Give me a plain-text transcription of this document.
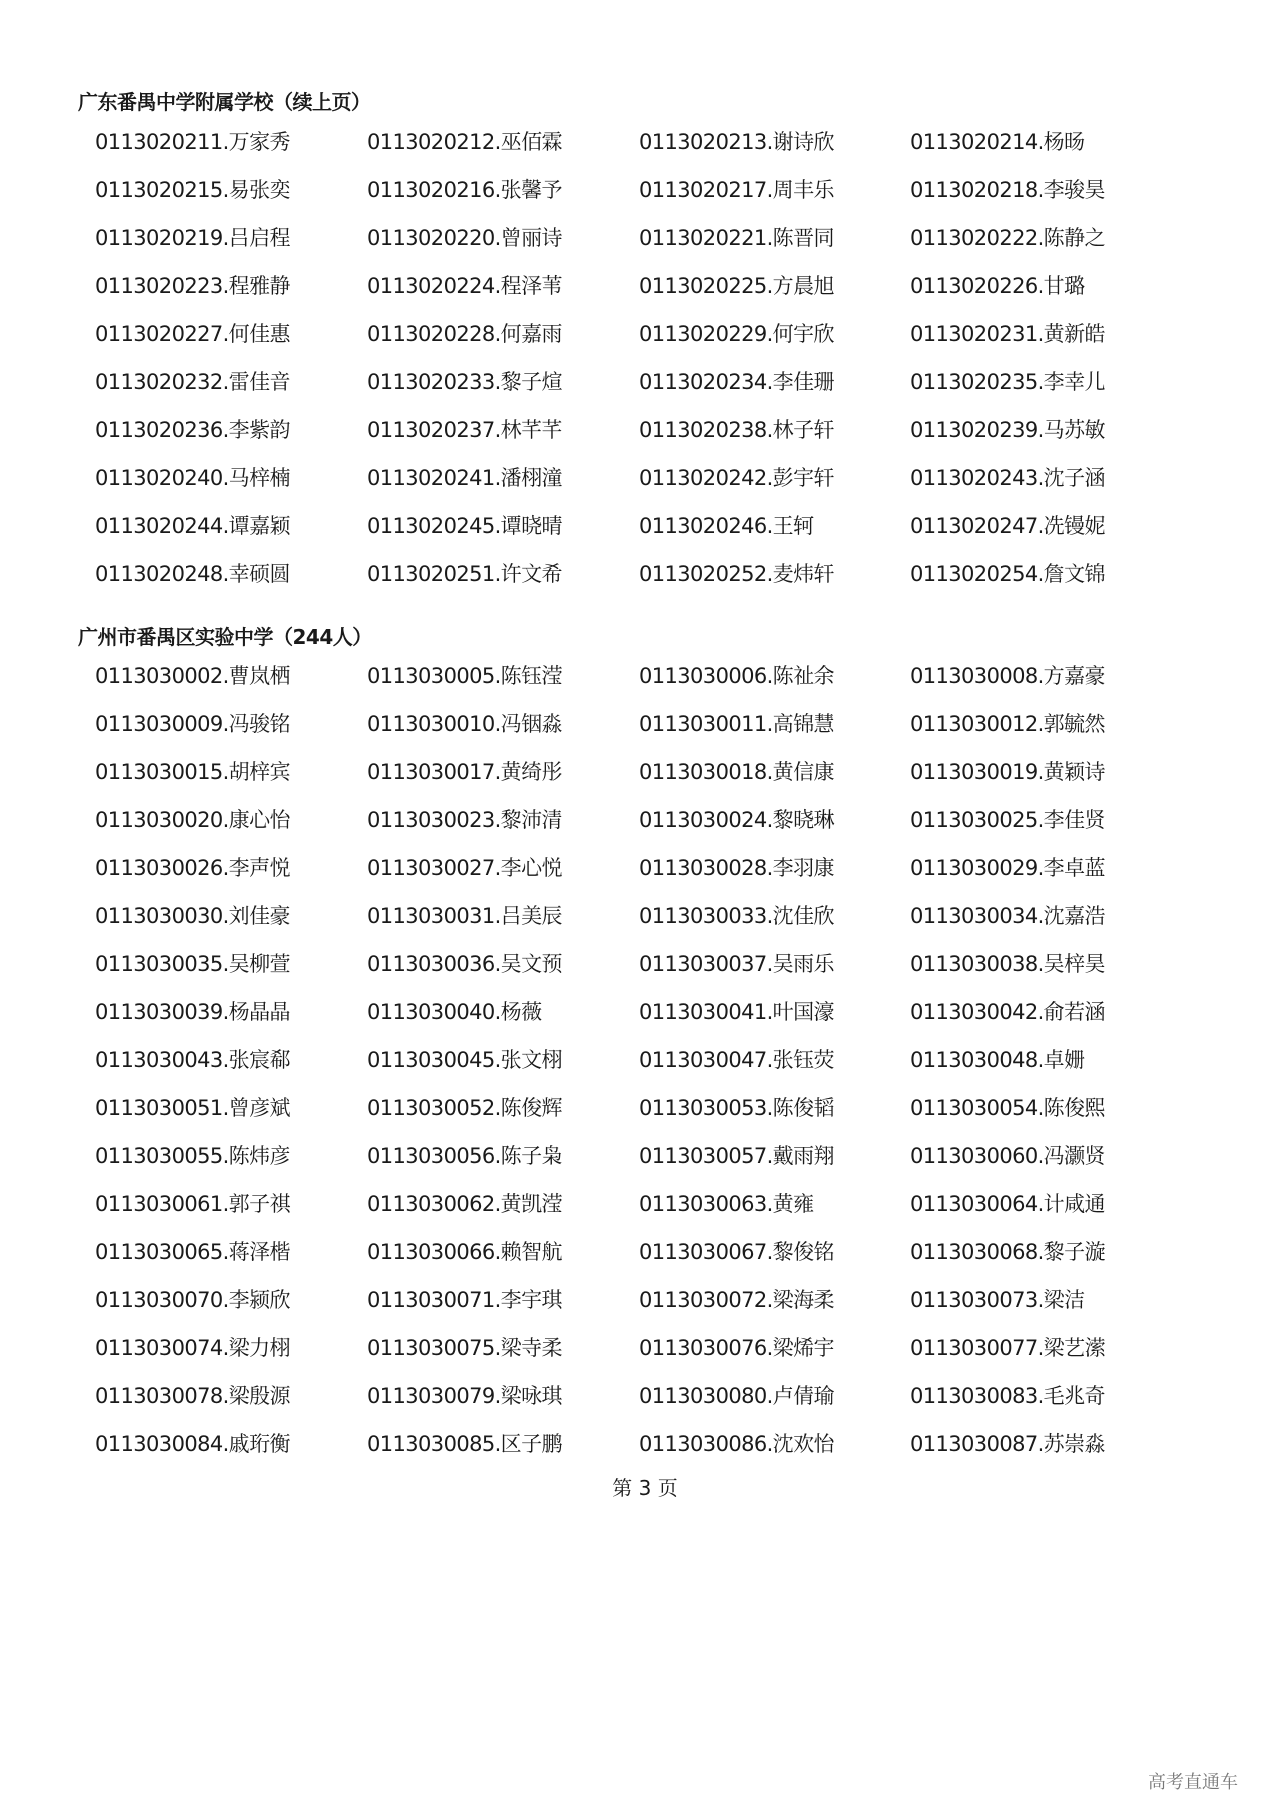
广东番禺中学附属学校（续上页）
0113020211.万家秀	0113020212.巫佰霖	0113020213.谢诗欣	0113020214.杨旸
0113020215.易张奕	0113020216.张馨予	0113020217.周丰乐	0113020218.李骏昊
0113020219.吕启程	0113020220.曾丽诗	0113020221.陈晋同	0113020222.陈静之
0113020223.程雅静	0113020224.程泽苇	0113020225.方晨旭	0113020226.甘璐
0113020227.何佳惠	0113020228.何嘉雨	0113020229.何宇欣	0113020231.黄新皓
0113020232.雷佳音	0113020233.黎子煊	0113020234.李佳珊	0113020235.李幸儿
0113020236.李紫韵	0113020237.林芊芊	0113020238.林子轩	0113020239.马苏敏
0113020240.马梓楠	0113020241.潘栩潼	0113020242.彭宇轩	0113020243.沈子涵
0113020244.谭嘉颖	0113020245.谭晓晴	0113020246.王轲	0113020247.冼镘妮
0113020248.幸硕圆	0113020251.许文希	0113020252.麦炜轩	0113020254.詹文锦
广州市番禺区实验中学（244人）
0113030002.曹岚栖	0113030005.陈钰滢	0113030006.陈祉余	0113030008.方嘉豪
0113030009.冯骏铭	0113030010.冯铟淼	0113030011.高锦慧	0113030012.郭毓然
0113030015.胡梓宾	0113030017.黄绮彤	0113030018.黄信康	0113030019.黄颖诗
0113030020.康心怡	0113030023.黎沛清	0113030024.黎晓琳	0113030025.李佳贤
0113030026.李声悦	0113030027.李心悦	0113030028.李羽康	0113030029.李卓蓝
0113030030.刘佳豪	0113030031.吕美辰	0113030033.沈佳欣	0113030034.沈嘉浩
0113030035.吴柳萱	0113030036.吴文预	0113030037.吴雨乐	0113030038.吴梓昊
0113030039.杨晶晶	0113030040.杨薇	0113030041.叶国濠	0113030042.俞若涵
0113030043.张宸郗	0113030045.张文栩	0113030047.张钰荧	0113030048.卓姗
0113030051.曾彦斌	0113030052.陈俊辉	0113030053.陈俊韬	0113030054.陈俊熙
0113030055.陈炜彦	0113030056.陈子枭	0113030057.戴雨翔	0113030060.冯灏贤
0113030061.郭子祺	0113030062.黄凯滢	0113030063.黄雍	0113030064.计咸通
0113030065.蒋泽楷	0113030066.赖智航	0113030067.黎俊铭	0113030068.黎子漩
0113030070.李颍欣	0113030071.李宇琪	0113030072.梁海柔	0113030073.梁洁
0113030074.梁力栩	0113030075.梁寺柔	0113030076.梁烯宇	0113030077.梁艺潆
0113030078.梁殷源	0113030079.梁咏琪	0113030080.卢倩瑜	0113030083.毛兆奇
0113030084.戚珩衡	0113030085.区子鹏	0113030086.沈欢怡	0113030087.苏崇淼
第 3 页
高考直通车
